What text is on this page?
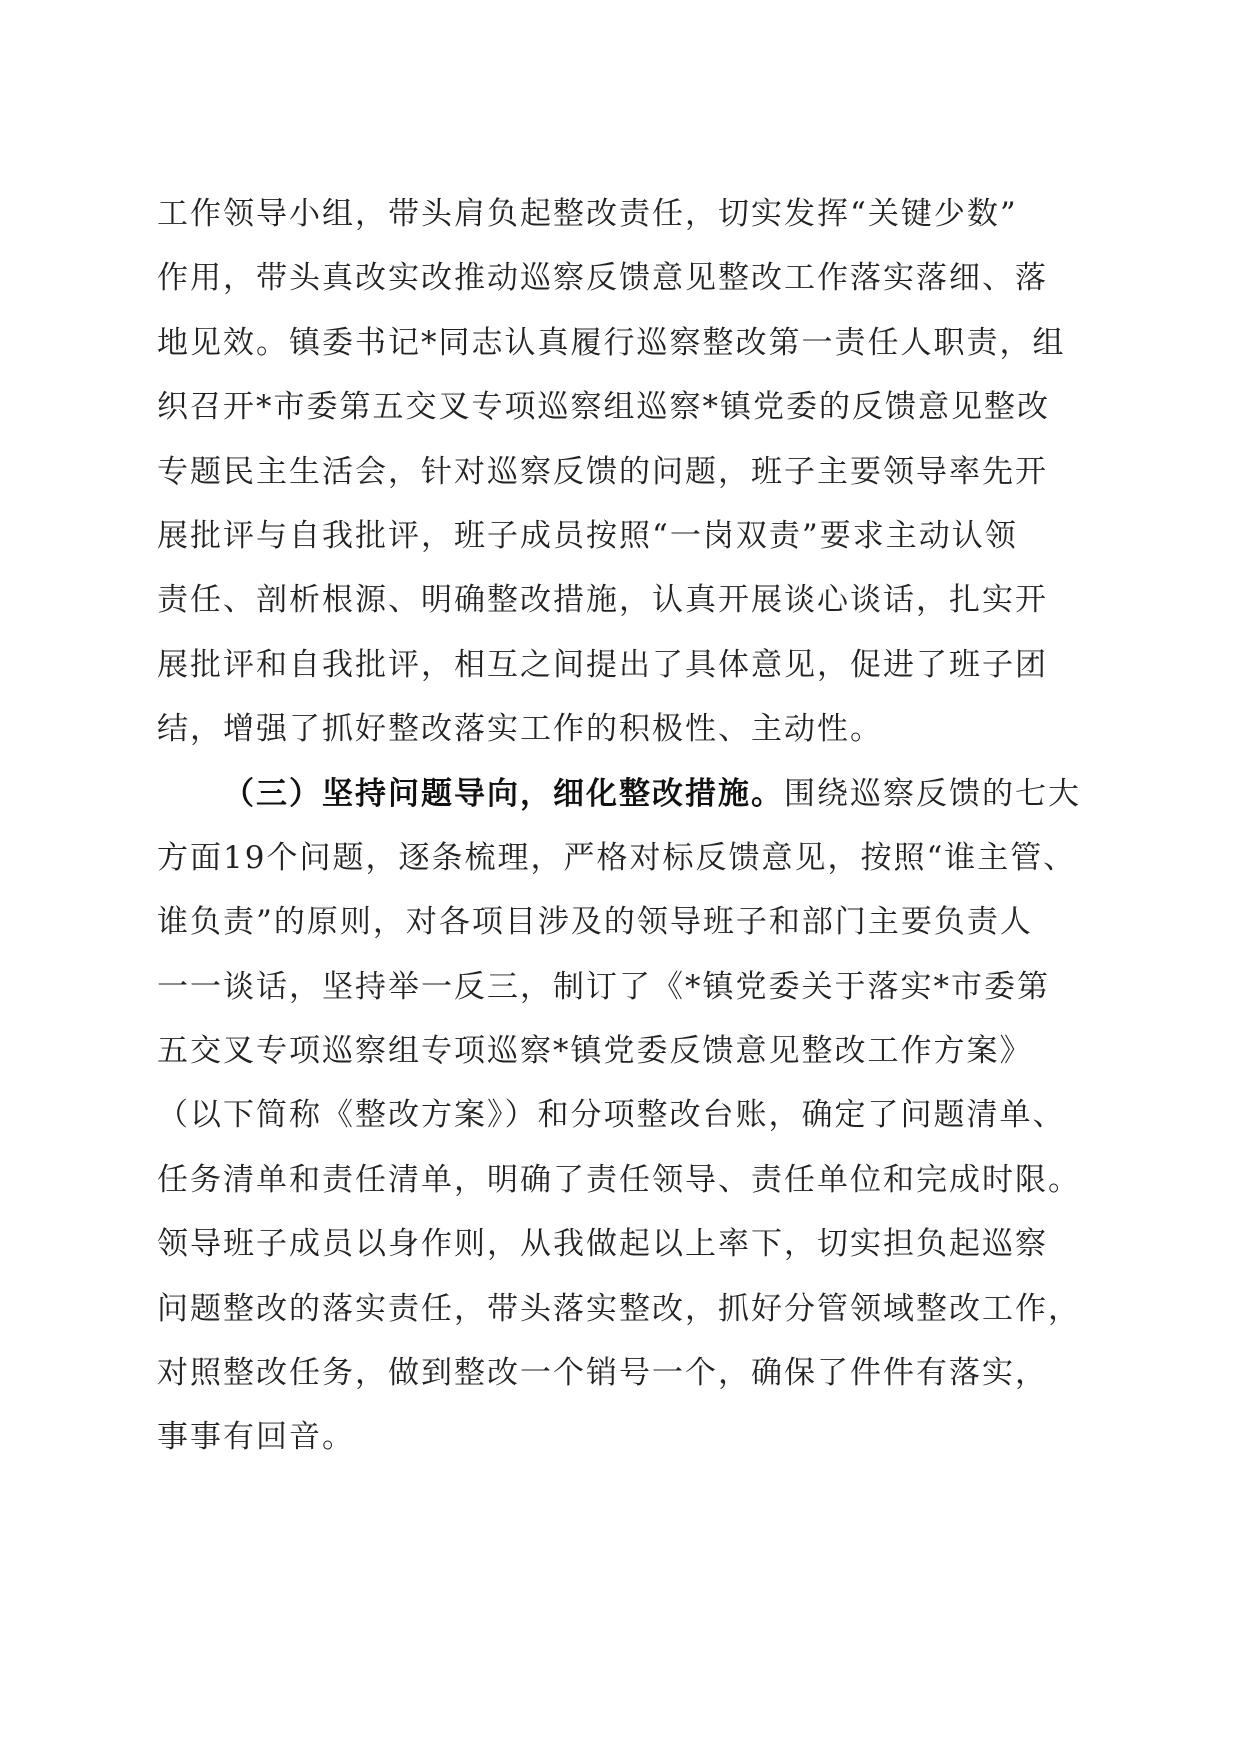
工作领导小组，带头肩负起整改责任，切实发挥“关键少数”
作用，带头真改实改推动巡察反馈意见整改工作落实落细、落
地见效。镇委书记*同志认真履行巡察整改第一责任人职责，组
织召开*市委第五交叉专项巡察组巡察*镇党委的反馈意见整改
专题民主生活会，针对巡察反馈的问题，班子主要领导率先开
展批评与自我批评，班子成员按照“一岗双责”要求主动认领
责任、剖析根源、明确整改措施，认真开展谈心谈话，扎实开
展批评和自我批评，相互之间提出了具体意见，促进了班子团
结，增强了抓好整改落实工作的积极性、主动性。
  （三）坚持问题导向，细化整改措施。围绕巡察反馈的七大
方面19个问题，逐条梳理，严格对标反馈意见，按照“谁主管、
谁负责”的原则，对各项目涉及的领导班子和部门主要负责人
一一谈话，坚持举一反三，制订了《*镇党委关于落实*市委第
五交叉专项巡察组专项巡察*镇党委反馈意见整改工作方案》
（以下简称《整改方案》）和分项整改台账，确定了问题清单、
任务清单和责任清单，明确了责任领导、责任单位和完成时限。
领导班子成员以身作则，从我做起以上率下，切实担负起巡察
问题整改的落实责任，带头落实整改，抓好分管领域整改工作，
对照整改任务，做到整改一个销号一个，确保了件件有落实，
事事有回音。
